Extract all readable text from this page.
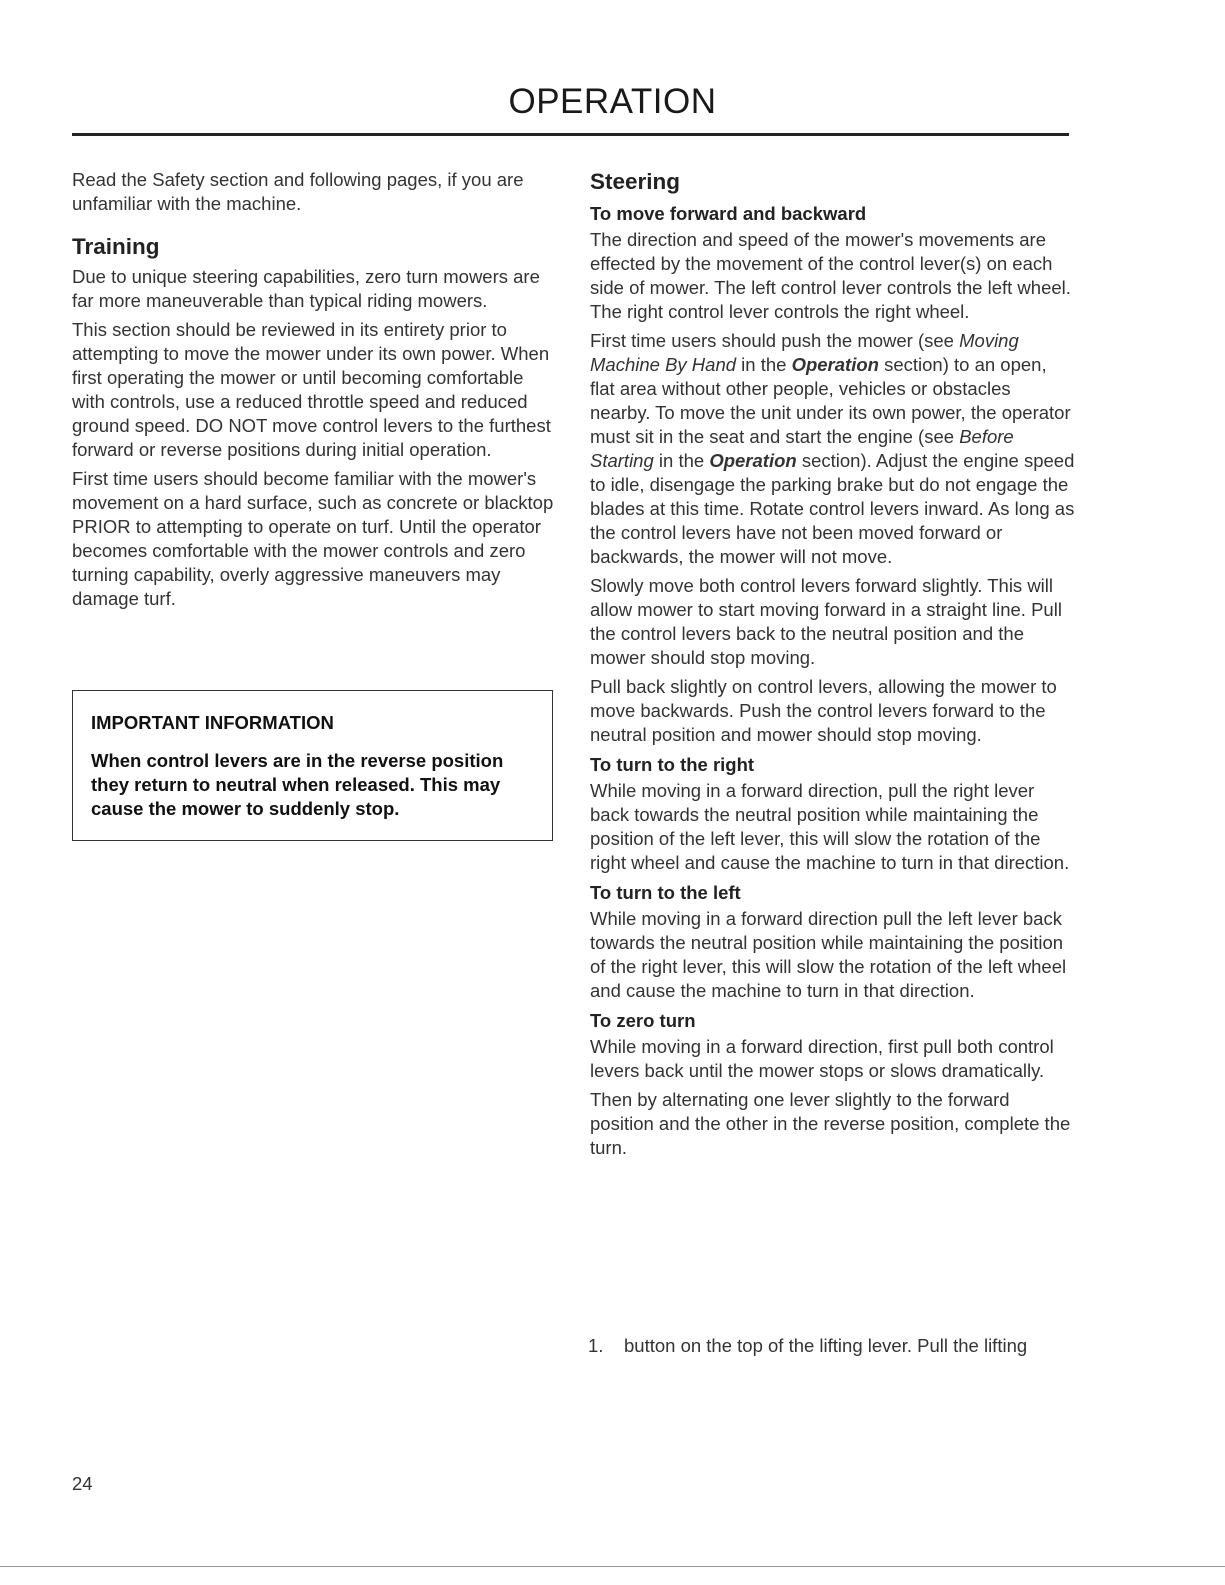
OPERATION

Read the Safety section and following pages, if you are unfamiliar with the machine.

Training

Due to unique steering capabilities, zero turn mowers are far more maneuverable than typical riding mowers.

This section should be reviewed in its entirety prior to attempting to move the mower under its own power. When first operating the mower or until becoming comfortable with controls, use a reduced throttle speed and reduced ground speed. DO NOT move control levers to the furthest forward or reverse positions during initial operation.

First time users should become familiar with the mower's movement on a hard surface, such as concrete or blacktop PRIOR to attempting to operate on turf. Until the operator becomes comfortable with the mower controls and zero turning capability, overly aggressive maneuvers may damage turf.

IMPORTANT INFORMATION
When control levers are in the reverse position they return to neutral when released. This may cause the mower to suddenly stop.
Steering
To move forward and backward

The direction and speed of the mower's movements are effected by the movement of the control lever(s) on each side of mower. The left control lever controls the left wheel. The right control lever controls the right wheel.

First time users should push the mower (see Moving Machine By Hand in the Operation section) to an open, flat area without other people, vehicles or obstacles nearby. To move the unit under its own power, the operator must sit in the seat and start the engine (see Before Starting in the Operation section). Adjust the engine speed to idle, disengage the parking brake but do not engage the blades at this time. Rotate control levers inward. As long as the control levers have not been moved forward or backwards, the mower will not move.

Slowly move both control levers forward slightly. This will allow mower to start moving forward in a straight line. Pull the control levers back to the neutral position and the mower should stop moving.

Pull back slightly on control levers, allowing the mower to move backwards. Push the control levers forward to the neutral position and mower should stop moving.

To turn to the right

While moving in a forward direction, pull the right lever back towards the neutral position while maintaining the position of the left lever, this will slow the rotation of the right wheel and cause the machine to turn in that direction.

To turn to the left

While moving in a forward direction pull the left lever back towards the neutral position while maintaining the position of the right lever, this will slow the rotation of the left wheel and cause the machine to turn in that direction.

To zero turn

While moving in a forward direction, first pull both control levers back until the mower stops or slows dramatically.

Then by alternating one lever slightly to the forward position and the other in the reverse position, complete the turn.

1. button on the top of the lifting lever. Pull the lifting
24
